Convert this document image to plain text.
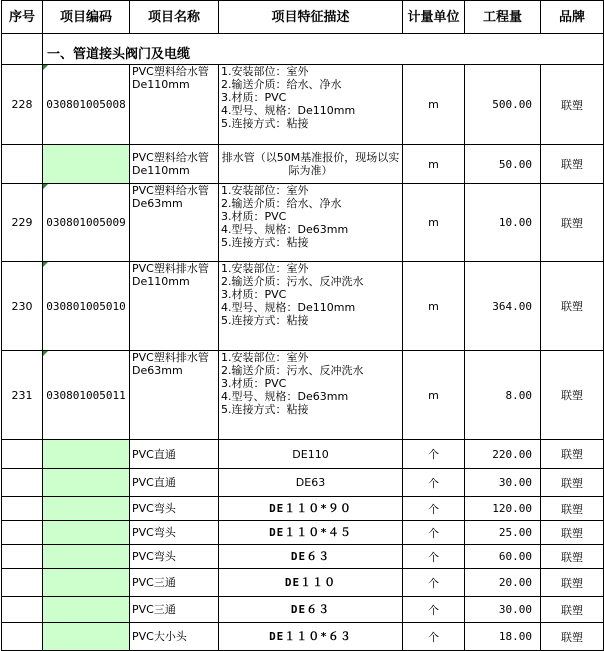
序号	项目编码	项目名称	项目特征描述	计量单位	工程量	品牌
	一、管道接头阀门及电缆					
228	030801005008	PVC塑料给水管De110mm	1.安装部位：室外
2.输送介质：给水、净水
3.材质：PVC
4.型号、规格：De110mm
5.连接方式：粘接	m	500.00	联塑
		PVC塑料给水管De110mm	排水管（以50M基准报价，现场以实际为准）	m	50.00	联塑
229	030801005009	PVC塑料给水管De63mm	1.安装部位：室外
2.输送介质：给水、净水
3.材质：PVC
4.型号、规格：De63mm
5.连接方式：粘接	m	10.00	联塑
230	030801005010	PVC塑料排水管De110mm	1.安装部位：室外
2.输送介质：污水、反冲洗水
3.材质：PVC
4.型号、规格：De110mm
5.连接方式：粘接	m	364.00	联塑
231	030801005011	PVC塑料排水管De63mm	1.安装部位：室外
2.输送介质：污水、反冲洗水
3.材质：PVC
4.型号、规格：De63mm
5.连接方式：粘接	m	8.00	联塑
		PVC直通	DE110	个	220.00	联塑
		PVC直通	DE63	个	30.00	联塑
		PVC弯头	DE１１０*９０	个	120.00	联塑
		PVC弯头	DE１１０*４５	个	25.00	联塑
		PVC弯头	DE６３	个	60.00	联塑
		PVC三通	DE１１０	个	20.00	联塑
		PVC三通	DE６３	个	30.00	联塑
		PVC大小头	DE１１０*６３	个	18.00	联塑
